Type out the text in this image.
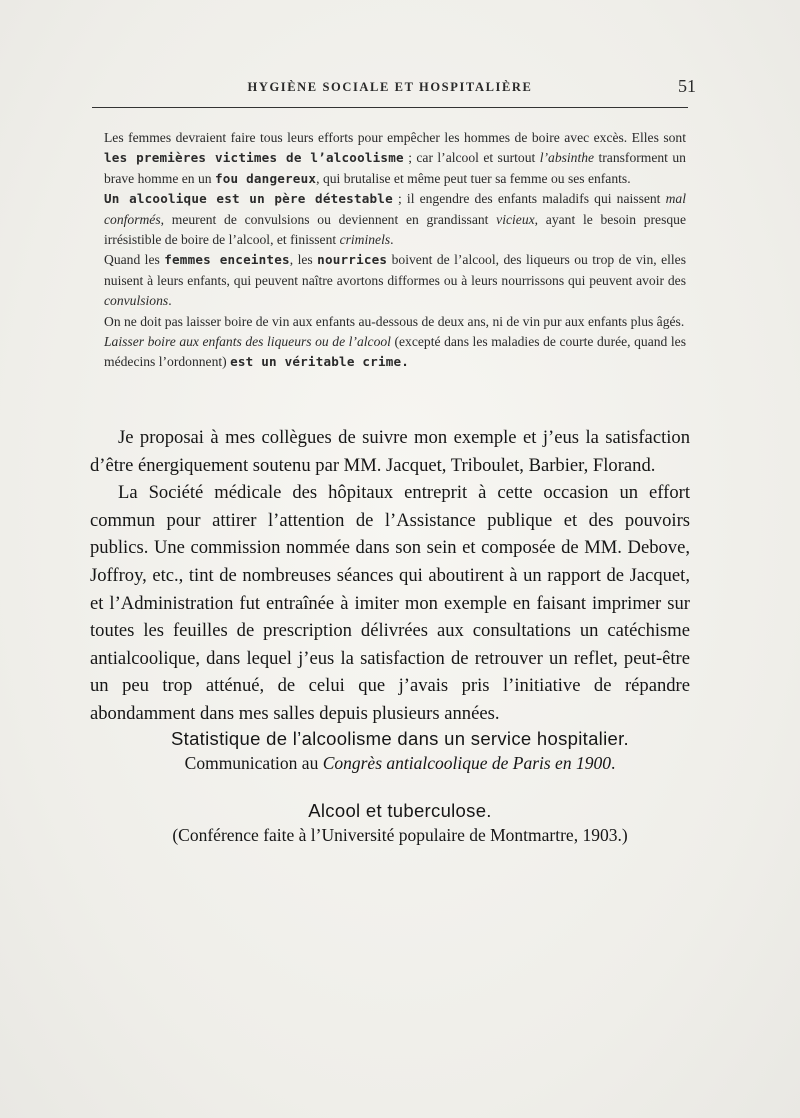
HYGIÈNE SOCIALE ET HOSPITALIÈRE	51

Les femmes devraient faire tous leurs efforts pour empêcher les hommes de boire avec excès. Elles sont les premières victimes de l’alcoolisme ; car l’alcool et surtout l’absinthe transforment un brave homme en un fou dangereux, qui brutalise et même peut tuer sa femme ou ses enfants.

Un alcoolique est un père détestable ; il engendre des enfants maladifs qui naissent mal conformés, meurent de convulsions ou deviennent en grandissant vicieux, ayant le besoin presque irrésistible de boire de l’alcool, et finissent criminels.

Quand les femmes enceintes, les nourrices boivent de l’alcool, des liqueurs ou trop de vin, elles nuisent à leurs enfants, qui peuvent naître avortons difformes ou à leurs nourrissons qui peuvent avoir des convulsions.

On ne doit pas laisser boire de vin aux enfants au-dessous de deux ans, ni de vin pur aux enfants plus âgés.

Laisser boire aux enfants des liqueurs ou de l’alcool (excepté dans les maladies de courte durée, quand les médecins l’ordonnent) est un véritable crime.

Je proposai à mes collègues de suivre mon exemple et j’eus la satisfaction d’être énergiquement soutenu par MM. Jacquet, Triboulet, Barbier, Florand.

La Société médicale des hôpitaux entreprit à cette occasion un effort commun pour attirer l’attention de l’Assistance publique et des pouvoirs publics. Une commission nommée dans son sein et composée de MM. Debove, Joffroy, etc., tint de nombreuses séances qui aboutirent à un rapport de Jacquet, et l’Administration fut entraînée à imiter mon exemple en faisant imprimer sur toutes les feuilles de prescription délivrées aux consultations un catéchisme antialcoolique, dans lequel j’eus la satisfaction de retrouver un reflet, peut-être un peu trop atténué, de celui que j’avais pris l’initiative de répandre abondamment dans mes salles depuis plusieurs années.

Statistique de l’alcoolisme dans un service hospitalier.
Communication au Congrès antialcoolique de Paris en 1900.
Alcool et tuberculose.
(Conférence faite à l’Université populaire de Montmartre, 1903.)
